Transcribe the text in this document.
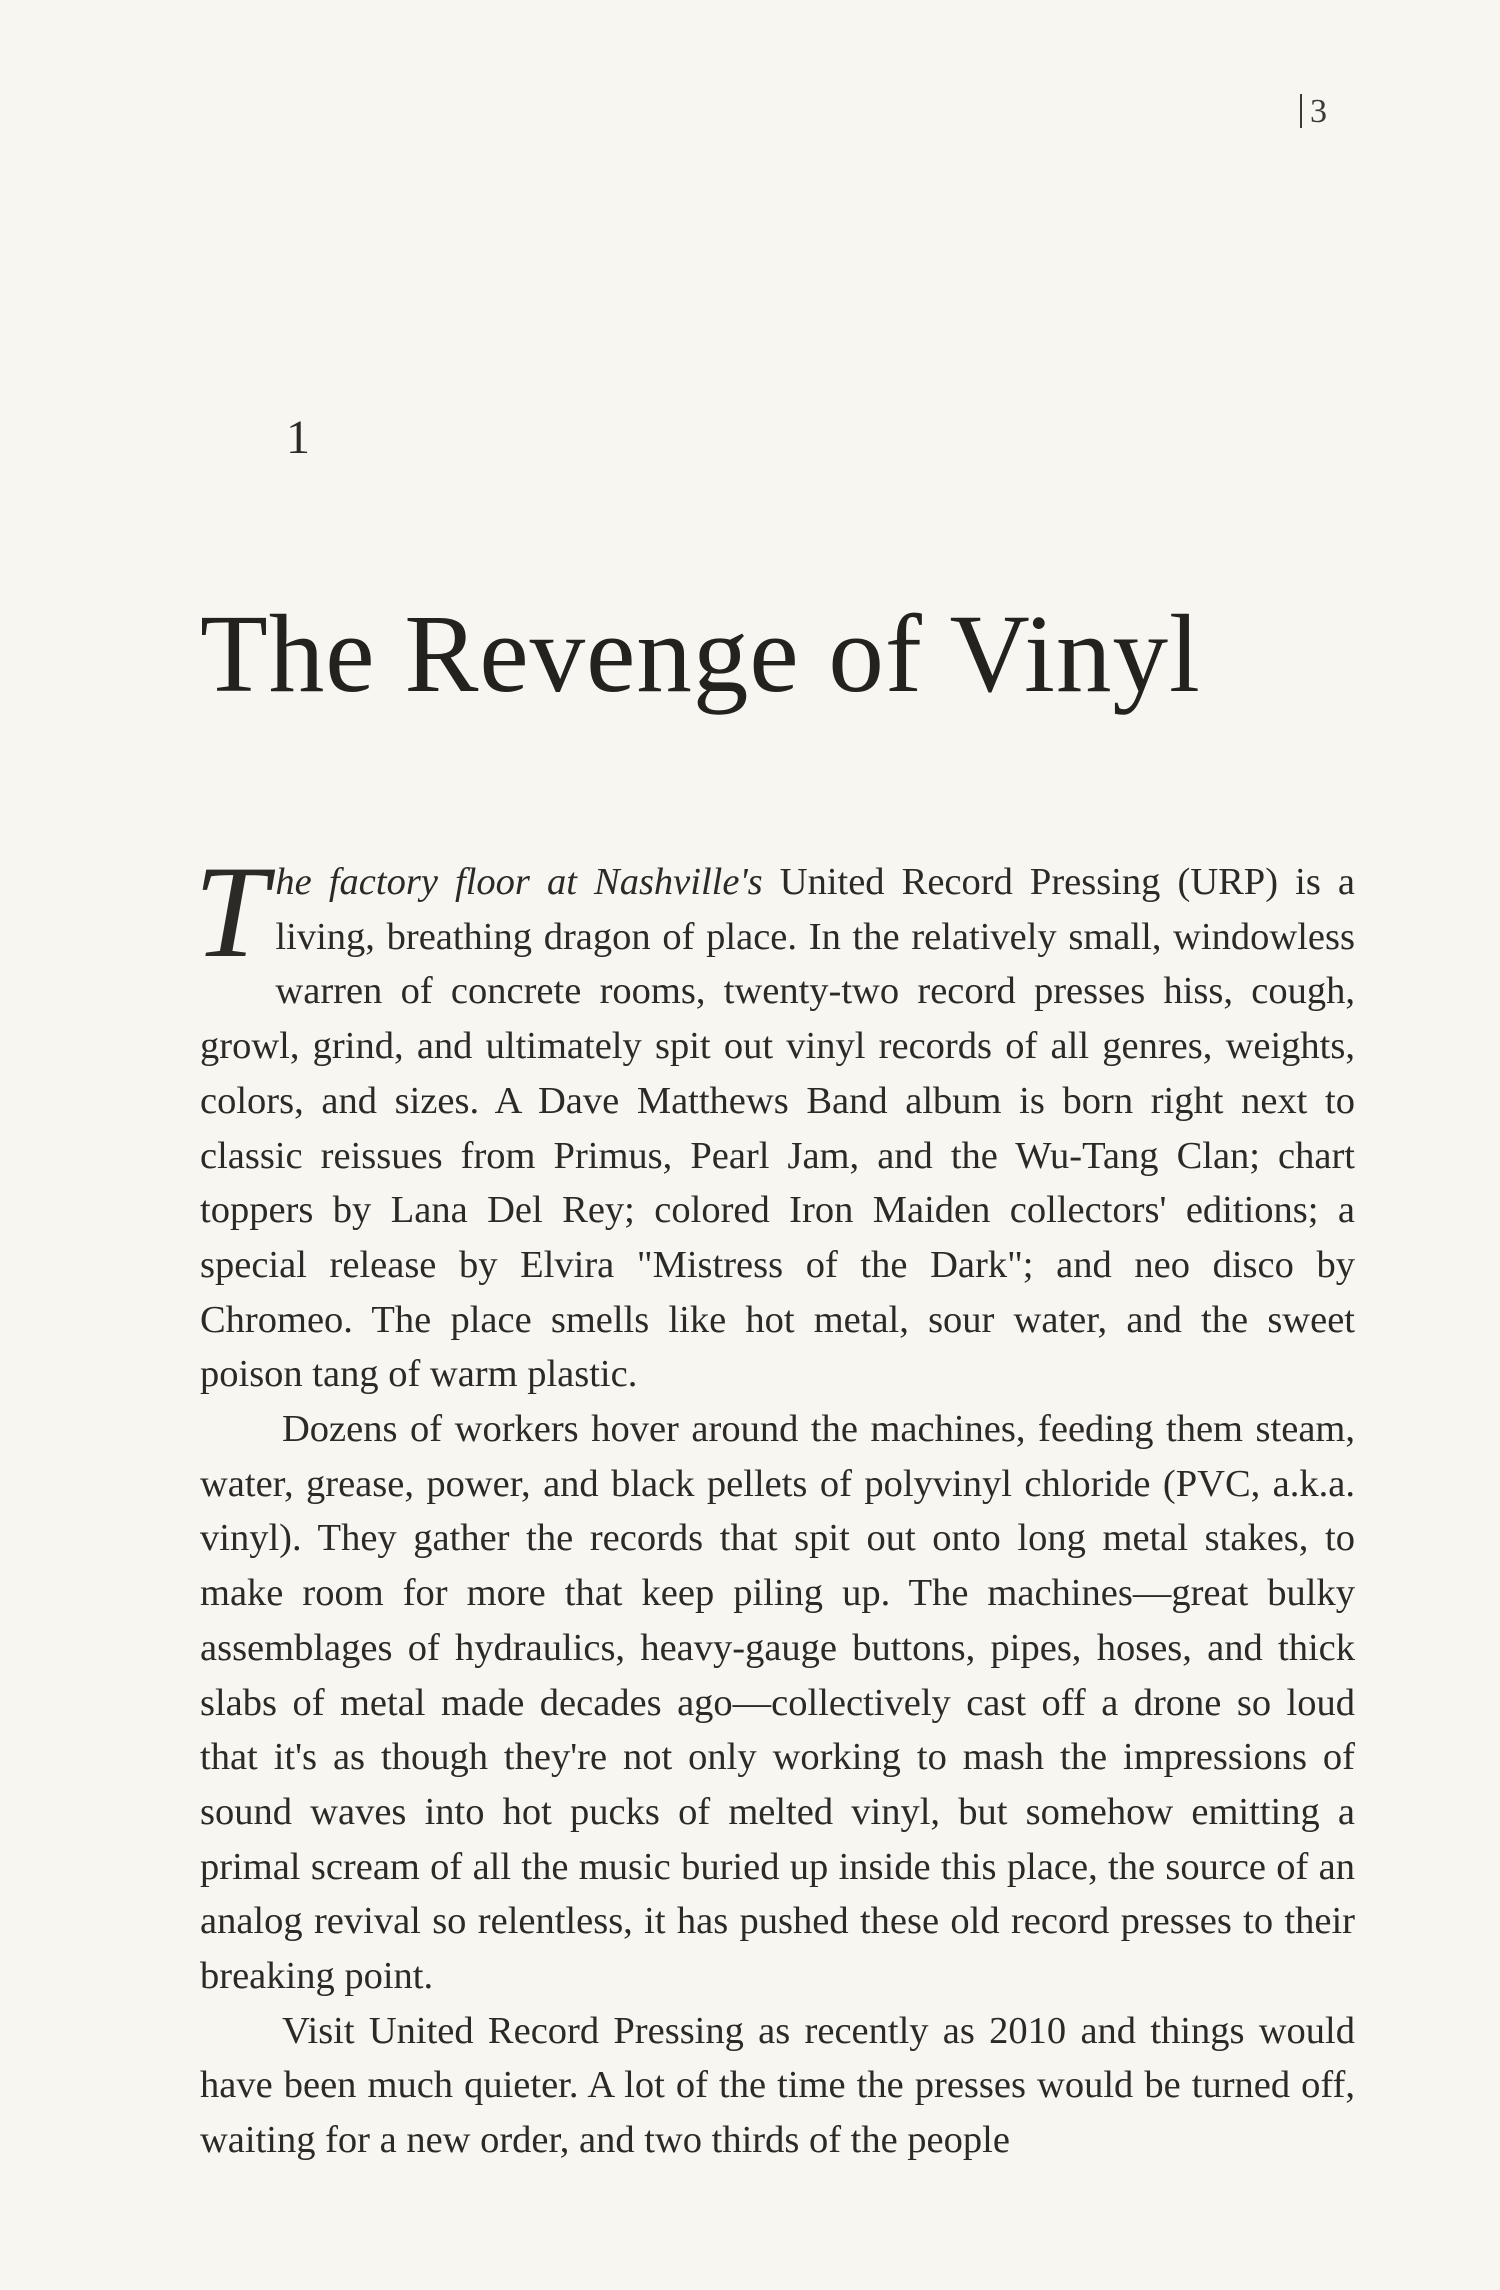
3
1
The Revenge of Vinyl

The factory floor at Nashville's United Record Pressing (URP) is a living, breathing dragon of place. In the relatively small, windowless warren of concrete rooms, twenty-two record presses hiss, cough, growl, grind, and ultimately spit out vinyl records of all genres, weights, colors, and sizes. A Dave Matthews Band album is born right next to classic reissues from Primus, Pearl Jam, and the Wu-Tang Clan; chart toppers by Lana Del Rey; colored Iron Maiden collectors' editions; a special release by Elvira "Mistress of the Dark"; and neo disco by Chromeo. The place smells like hot metal, sour water, and the sweet poison tang of warm plastic.

Dozens of workers hover around the machines, feeding them steam, water, grease, power, and black pellets of polyvinyl chloride (PVC, a.k.a. vinyl). They gather the records that spit out onto long metal stakes, to make room for more that keep piling up. The machines—great bulky assemblages of hydraulics, heavy-gauge buttons, pipes, hoses, and thick slabs of metal made decades ago—collectively cast off a drone so loud that it's as though they're not only working to mash the impressions of sound waves into hot pucks of melted vinyl, but somehow emitting a primal scream of all the music buried up inside this place, the source of an analog revival so relentless, it has pushed these old record presses to their breaking point.

Visit United Record Pressing as recently as 2010 and things would have been much quieter. A lot of the time the presses would be turned off, waiting for a new order, and two thirds of the people
